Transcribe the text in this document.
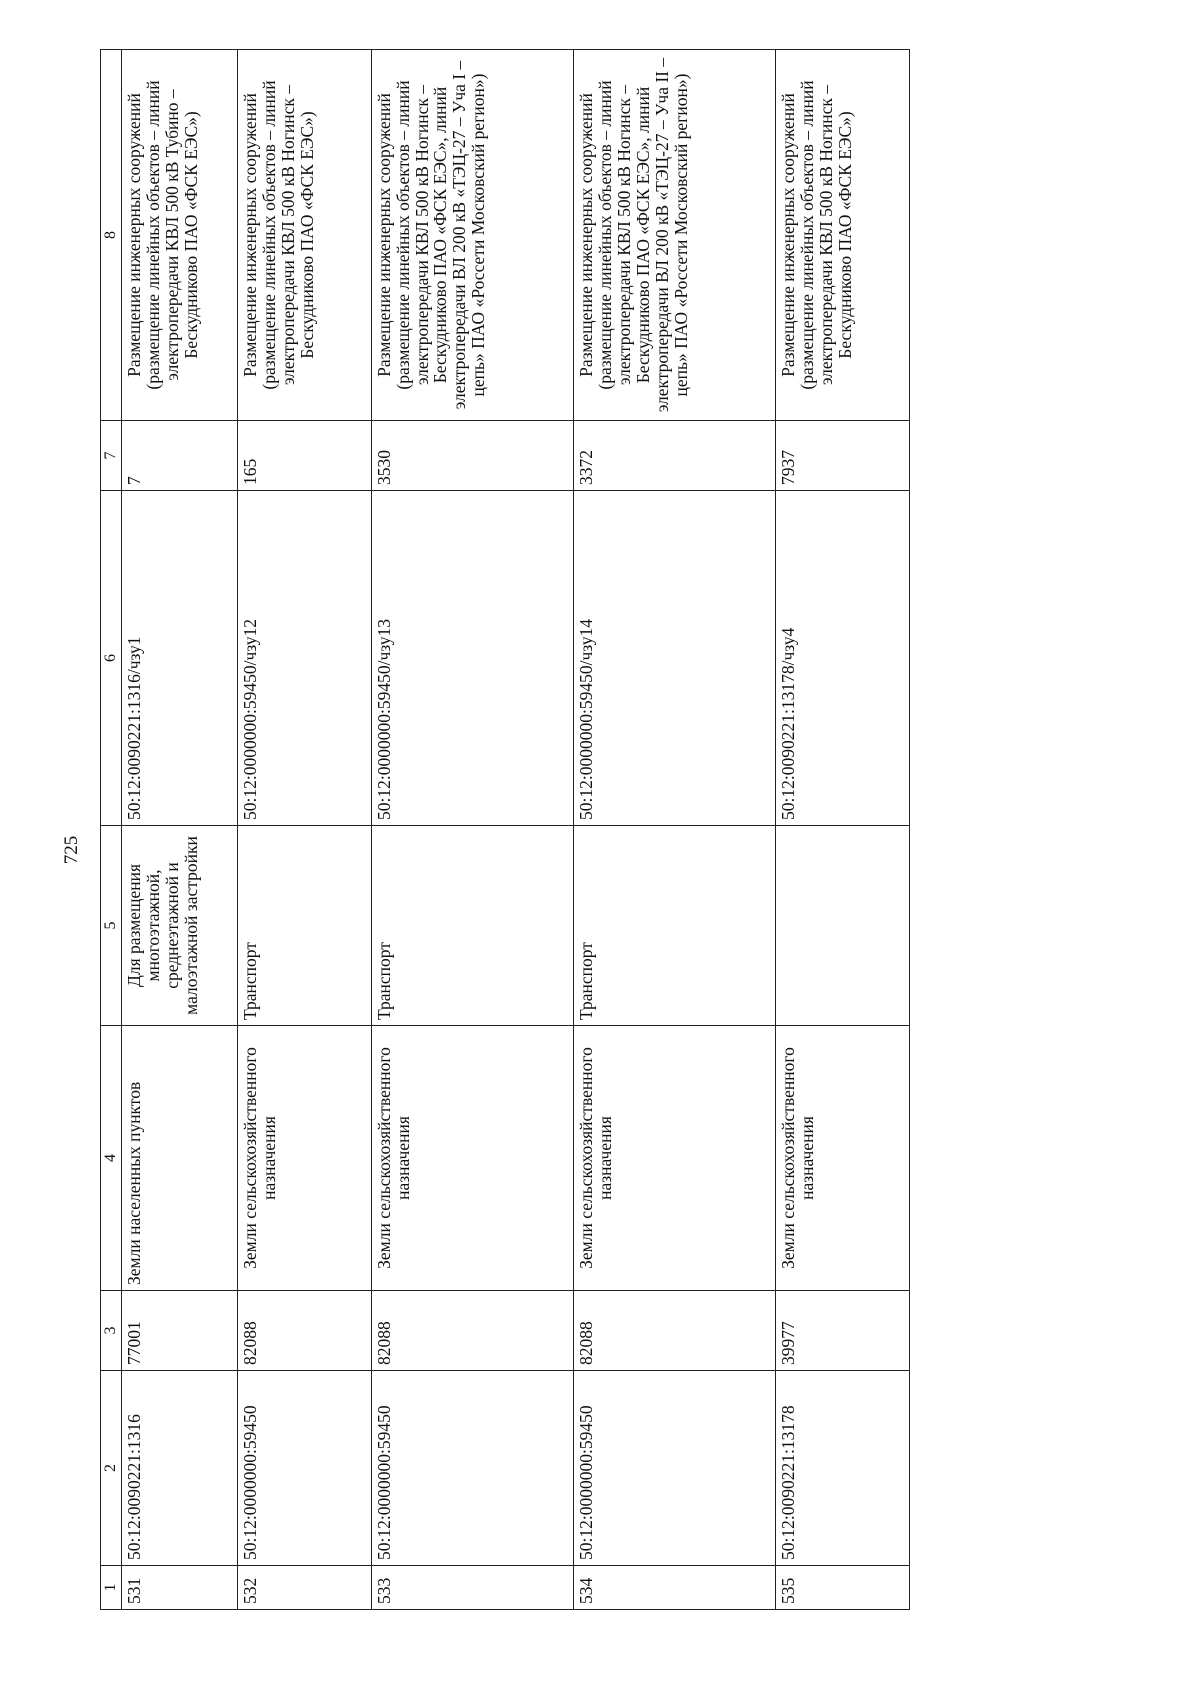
725
1	2	3	4	5	6	7	8
531	50:12:0090221:1316	77001	Земли населенных пунктов	Для размещения многоэтажной, среднеэтажной и малоэтажной застройки	50:12:0090221:1316/чзу1	7	Размещение инженерных сооружений (размещение линейных объектов – линий электропередачи КВЛ 500 кВ Тубино – Бескудниково ПАО «ФСК ЕЭС»)
532	50:12:0000000:59450	82088	Земли сельскохозяйственного назначения	Транспорт	50:12:0000000:59450/чзу12	165	Размещение инженерных сооружений (размещение линейных объектов – линий электропередачи КВЛ 500 кВ Ногинск – Бескудниково ПАО «ФСК ЕЭС»)
533	50:12:0000000:59450	82088	Земли сельскохозяйственного назначения	Транспорт	50:12:0000000:59450/чзу13	3530	Размещение инженерных сооружений (размещение линейных объектов – линий электропередачи КВЛ 500 кВ Ногинск – Бескудниково ПАО «ФСК ЕЭС», линий электропередачи ВЛ 200 кВ «ТЭЦ-27 – Уча I – цепь» ПАО «Россети Московский регион»)
534	50:12:0000000:59450	82088	Земли сельскохозяйственного назначения	Транспорт	50:12:0000000:59450/чзу14	3372	Размещение инженерных сооружений (размещение линейных объектов – линий электропередачи КВЛ 500 кВ Ногинск – Бескудниково ПАО «ФСК ЕЭС», линий электропередачи ВЛ 200 кВ «ТЭЦ-27 – Уча II – цепь» ПАО «Россети Московский регион»)
535	50:12:0090221:13178	39977	Земли сельскохозяйственного назначения		50:12:0090221:13178/чзу4	7937	Размещение инженерных сооружений (размещение линейных объектов – линий электропередачи КВЛ 500 кВ Ногинск – Бескудниково ПАО «ФСК ЕЭС»)
